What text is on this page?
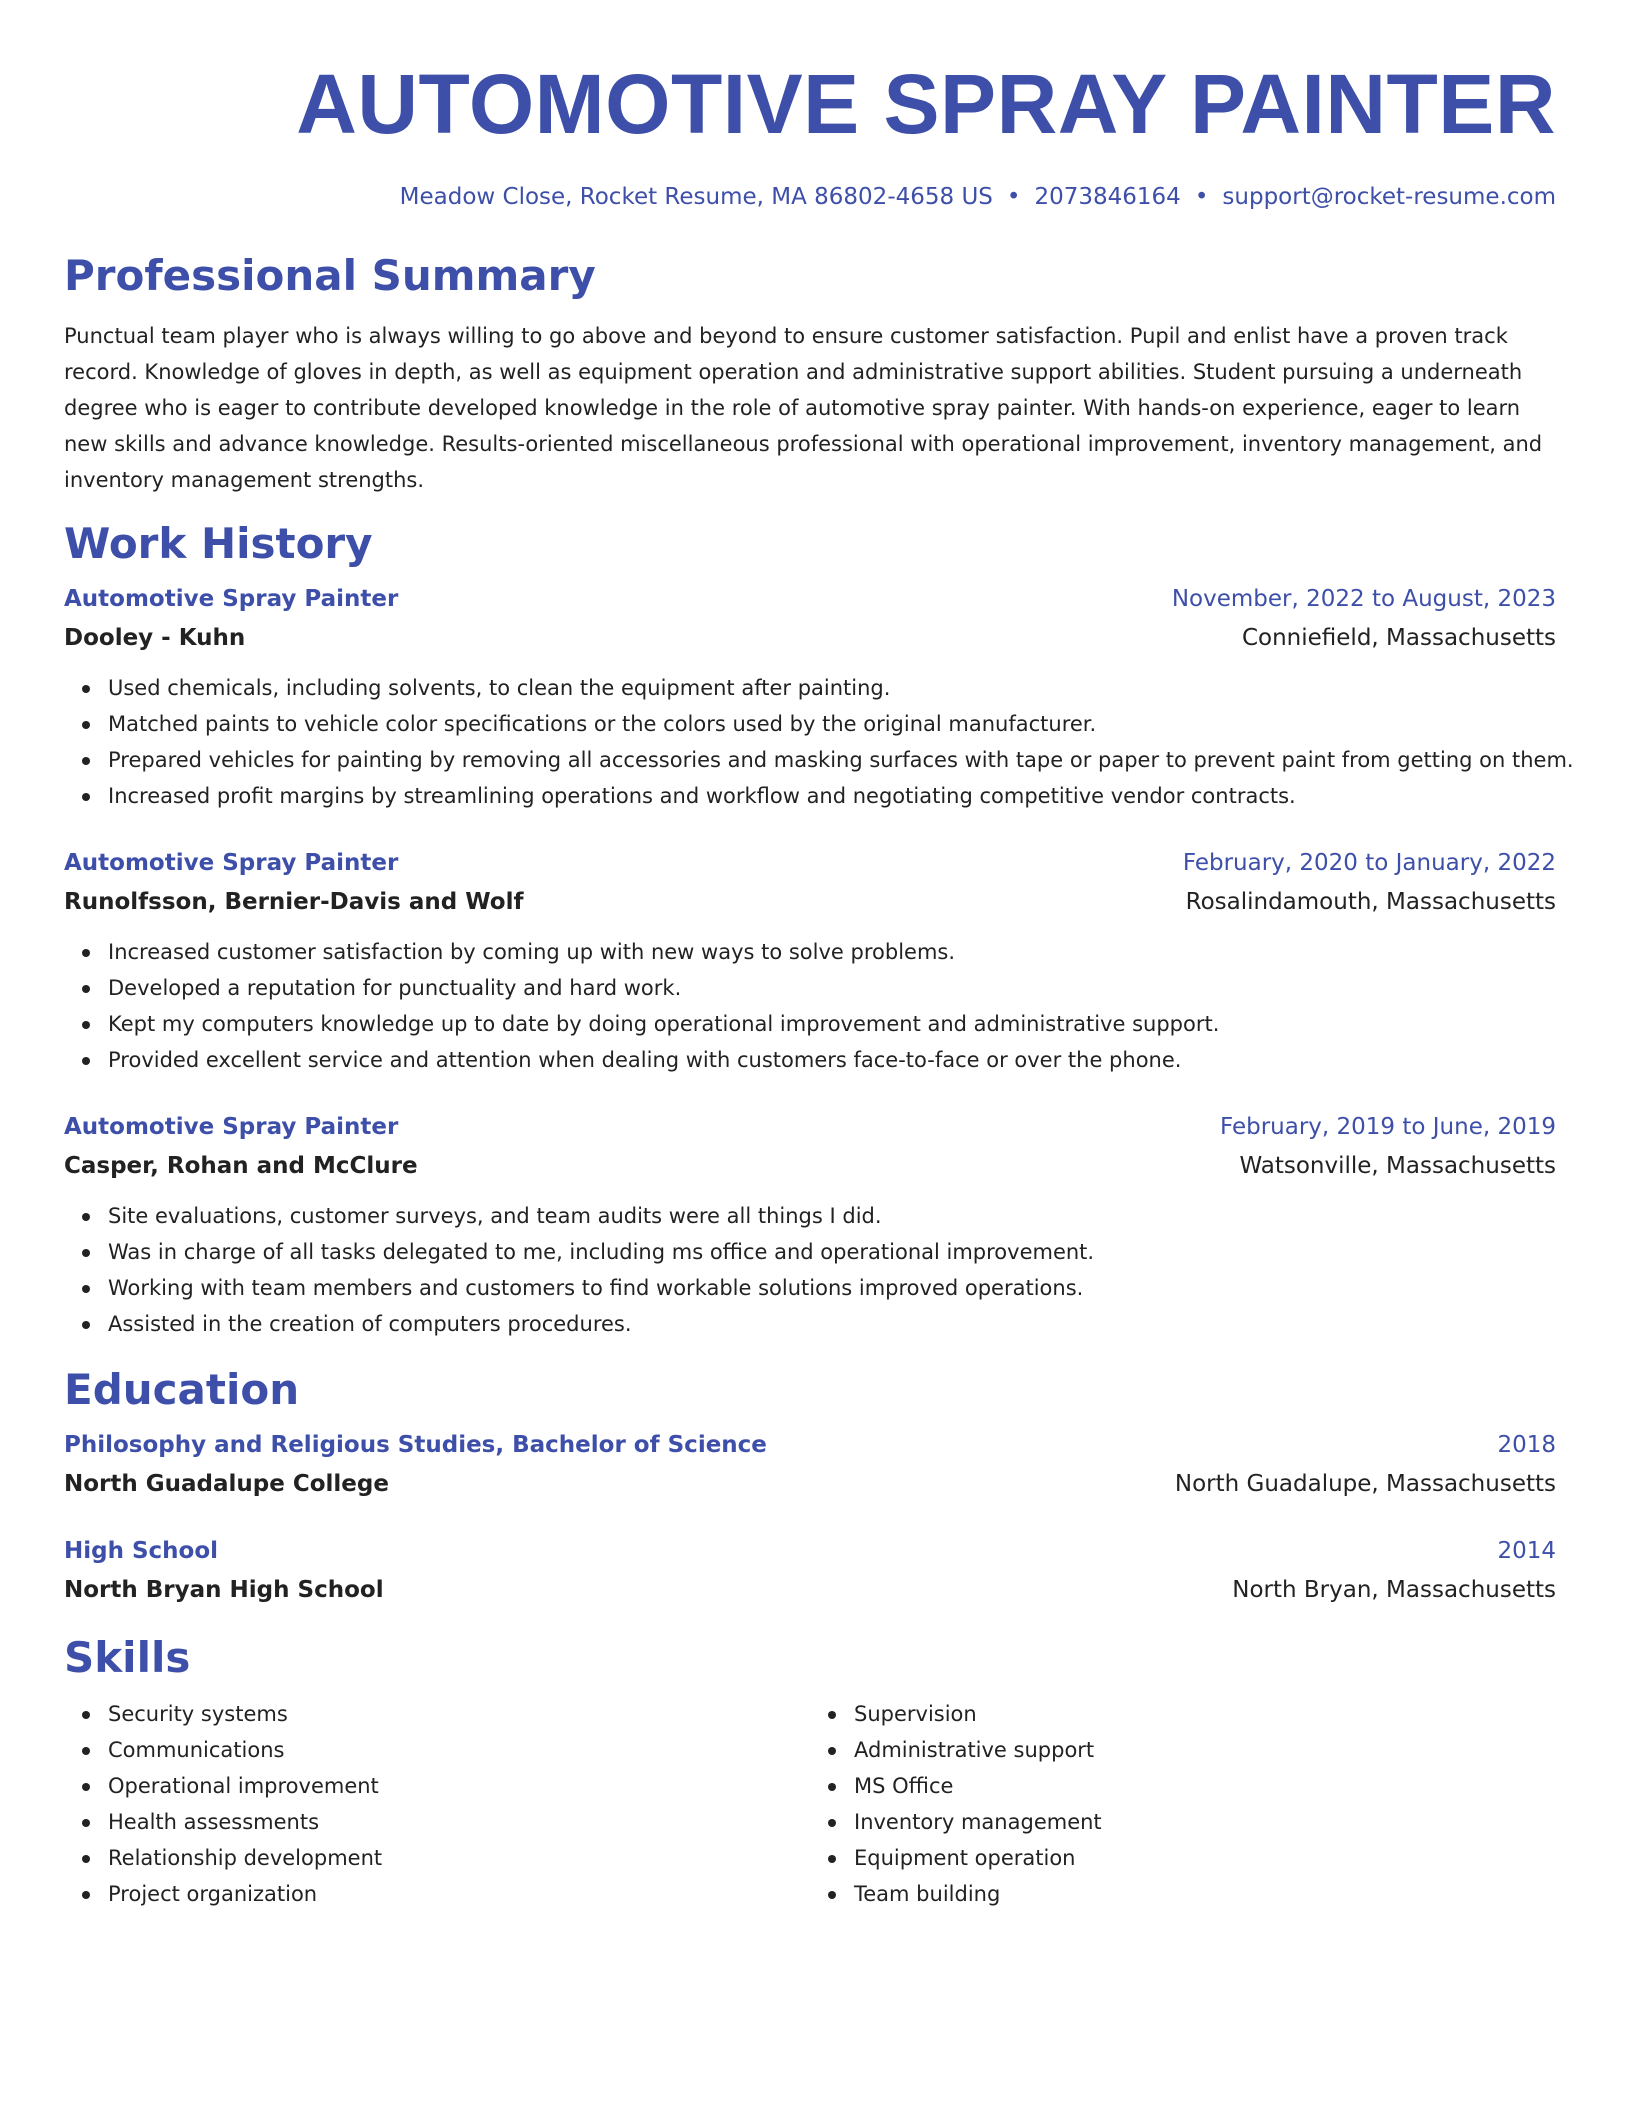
AUTOMOTIVE SPRAY PAINTER
Meadow Close, Rocket Resume, MA 86802-4658 US • 2073846164 • support@rocket-resume.com
Professional Summary
Punctual team player who is always willing to go above and beyond to ensure customer satisfaction. Pupil and enlist have a proven track record. Knowledge of gloves in depth, as well as equipment operation and administrative support abilities. Student pursuing a underneath degree who is eager to contribute developed knowledge in the role of automotive spray painter. With hands-on experience, eager to learn new skills and advance knowledge. Results-oriented miscellaneous professional with operational improvement, inventory management, and inventory management strengths.
Work History
Automotive Spray Painter	November, 2022 to August, 2023
Dooley - Kuhn	Conniefield, Massachusetts
Used chemicals, including solvents, to clean the equipment after painting.
Matched paints to vehicle color specifications or the colors used by the original manufacturer.
Prepared vehicles for painting by removing all accessories and masking surfaces with tape or paper to prevent paint from getting on them.
Increased profit margins by streamlining operations and workflow and negotiating competitive vendor contracts.
Automotive Spray Painter	February, 2020 to January, 2022
Runolfsson, Bernier-Davis and Wolf	Rosalindamouth, Massachusetts
Increased customer satisfaction by coming up with new ways to solve problems.
Developed a reputation for punctuality and hard work.
Kept my computers knowledge up to date by doing operational improvement and administrative support.
Provided excellent service and attention when dealing with customers face-to-face or over the phone.
Automotive Spray Painter	February, 2019 to June, 2019
Casper, Rohan and McClure	Watsonville, Massachusetts
Site evaluations, customer surveys, and team audits were all things I did.
Was in charge of all tasks delegated to me, including ms office and operational improvement.
Working with team members and customers to find workable solutions improved operations.
Assisted in the creation of computers procedures.
Education
Philosophy and Religious Studies, Bachelor of Science	2018
North Guadalupe College	North Guadalupe, Massachusetts
High School	2014
North Bryan High School	North Bryan, Massachusetts
Skills
Security systems
Communications
Operational improvement
Health assessments
Relationship development
Project organization
Supervision
Administrative support
MS Office
Inventory management
Equipment operation
Team building
